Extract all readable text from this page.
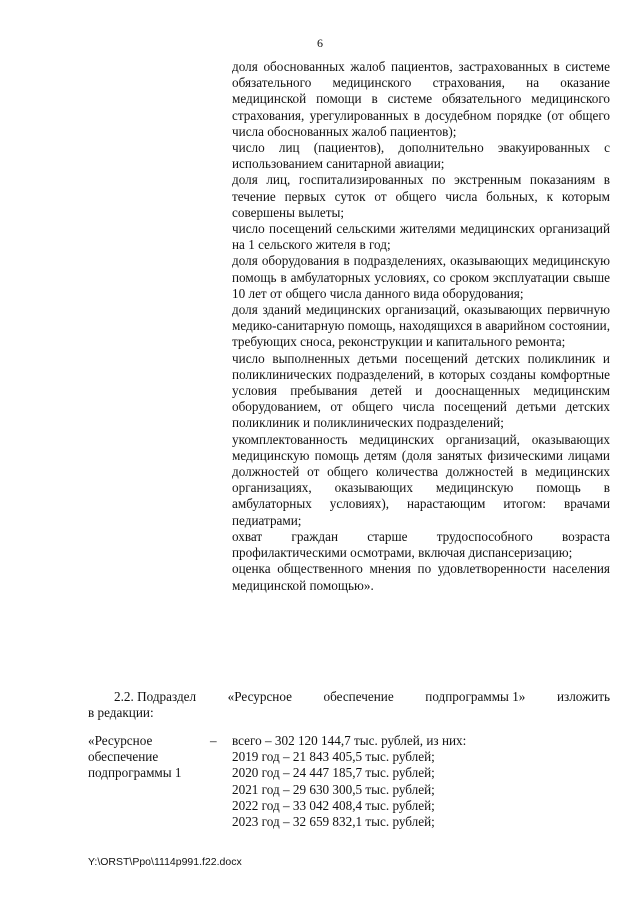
6

доля обоснованных жалоб пациентов, застрахованных в системе обязательного медицинского страхования, на оказание медицинской помощи в системе обязательного медицинского страхования, урегулированных в досудебном порядке (от общего числа обоснованных жалоб пациентов);

число лиц (пациентов), дополнительно эвакуированных с использованием санитарной авиации;

доля лиц, госпитализированных по экстренным показаниям в течение первых суток от общего числа больных, к которым совершены вылеты;

число посещений сельскими жителями медицинских организаций на 1 сельского жителя в год;

доля оборудования в подразделениях, оказывающих медицинскую помощь в амбулаторных условиях, со сроком эксплуатации свыше 10 лет от общего числа данного вида оборудования;

доля зданий медицинских организаций, оказывающих первичную медико-санитарную помощь, находящихся в аварийном состоянии, требующих сноса, реконструкции и капитального ремонта;

число выполненных детьми посещений детских поликлиник и поликлинических подразделений, в которых созданы комфортные условия пребывания детей и дооснащенных медицинским оборудованием, от общего числа посещений детьми детских поликлиник и поликлинических подразделений;

укомплектованность медицинских организаций, оказывающих медицинскую помощь детям (доля занятых физическими лицами должностей от общего количества должностей в медицинских организациях, оказывающих медицинскую помощь в амбулаторных условиях), нарастающим итогом: врачами педиатрами;

охват граждан старше трудоспособного возраста профилактическими осмотрами, включая диспансеризацию;

оценка общественного мнения по удовлетворенности населения медицинской помощью».

2.2. Подраздел «Ресурсное обеспечение подпрограммы 1» изложить
в редакции:
«Ресурсное обеспечение подпрограммы 1
– всего – 302 120 144,7 тыс. рублей, из них:
2019 год – 21 843 405,5 тыс. рублей;
2020 год – 24 447 185,7 тыс. рублей;
2021 год – 29 630 300,5 тыс. рублей;
2022 год – 33 042 408,4 тыс. рублей;
2023 год – 32 659 832,1 тыс. рублей;
Y:\ORST\Ppo\1114p991.f22.docx
